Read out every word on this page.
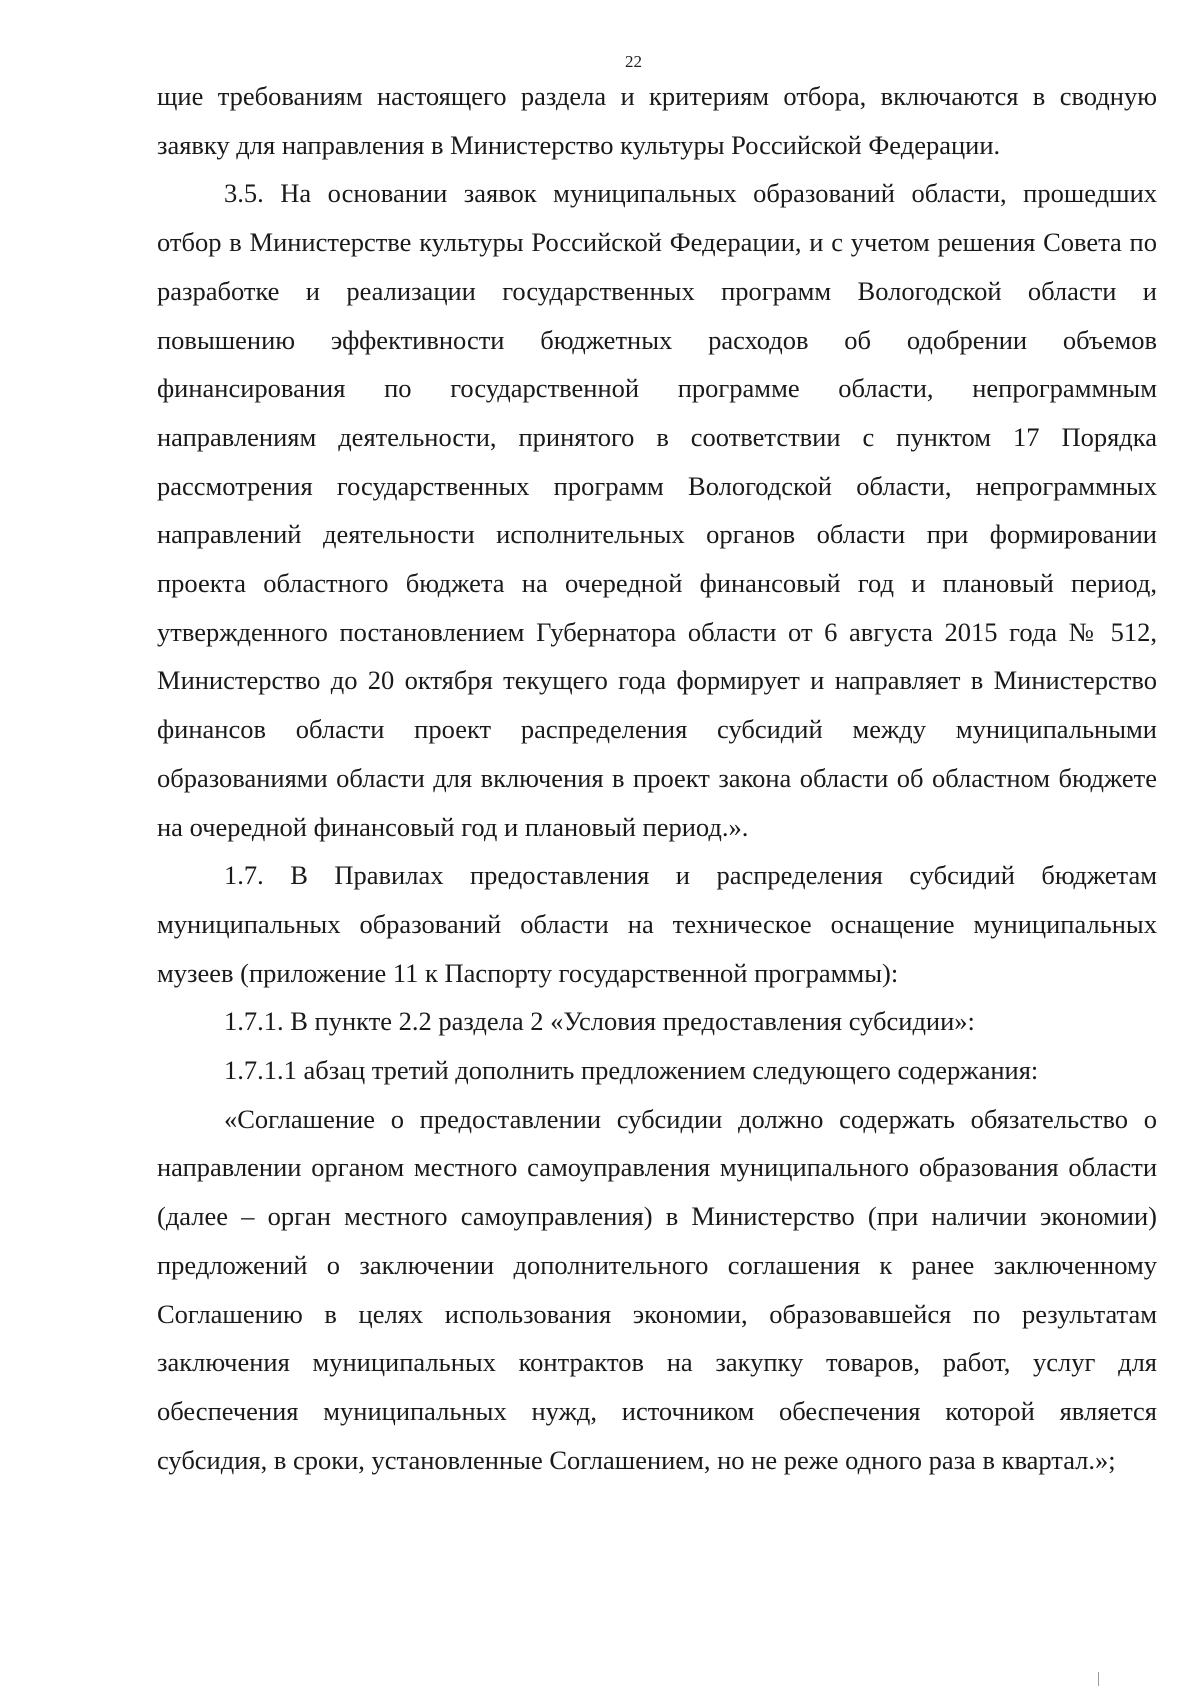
22

щие требованиям настоящего раздела и критериям отбора, включаются в сводную заявку для направления в Министерство культуры Российской Федерации.

3.5. На основании заявок муниципальных образований области, прошедших отбор в Министерстве культуры Российской Федерации, и с учетом решения Совета по разработке и реализации государственных программ Вологодской области и повышению эффективности бюджетных расходов об одобрении объемов финансирования по государственной программе области, непрограммным направлениям деятельности, принятого в соответствии с пунктом 17 Порядка рассмотрения государственных программ Вологодской области, непрограммных направлений деятельности исполнительных органов области при формировании проекта областного бюджета на очередной финансовый год и плановый период, утвержденного постановлением Губернатора области от 6 августа 2015 года № 512, Министерство до 20 октября текущего года формирует и направляет в Министерство финансов области проект распределения субсидий между муниципальными образованиями области для включения в проект закона области об областном бюджете на очередной финансовый год и плановый период.».

1.7. В Правилах предоставления и распределения субсидий бюджетам муниципальных образований области на техническое оснащение муниципальных музеев (приложение 11 к Паспорту государственной программы):

1.7.1. В пункте 2.2 раздела 2 «Условия предоставления субсидии»:

1.7.1.1 абзац третий дополнить предложением следующего содержания:

«Соглашение о предоставлении субсидии должно содержать обязательство о направлении органом местного самоуправления муниципального образования области (далее – орган местного самоуправления) в Министерство (при наличии экономии) предложений о заключении дополнительного соглашения к ранее заключенному Соглашению в целях использования экономии, образовавшейся по результатам заключения муниципальных контрактов на закупку товаров, работ, услуг для обеспечения муниципальных нужд, источником обеспечения которой является субсидия, в сроки, установленные Соглашением, но не реже одного раза в квартал.»;
